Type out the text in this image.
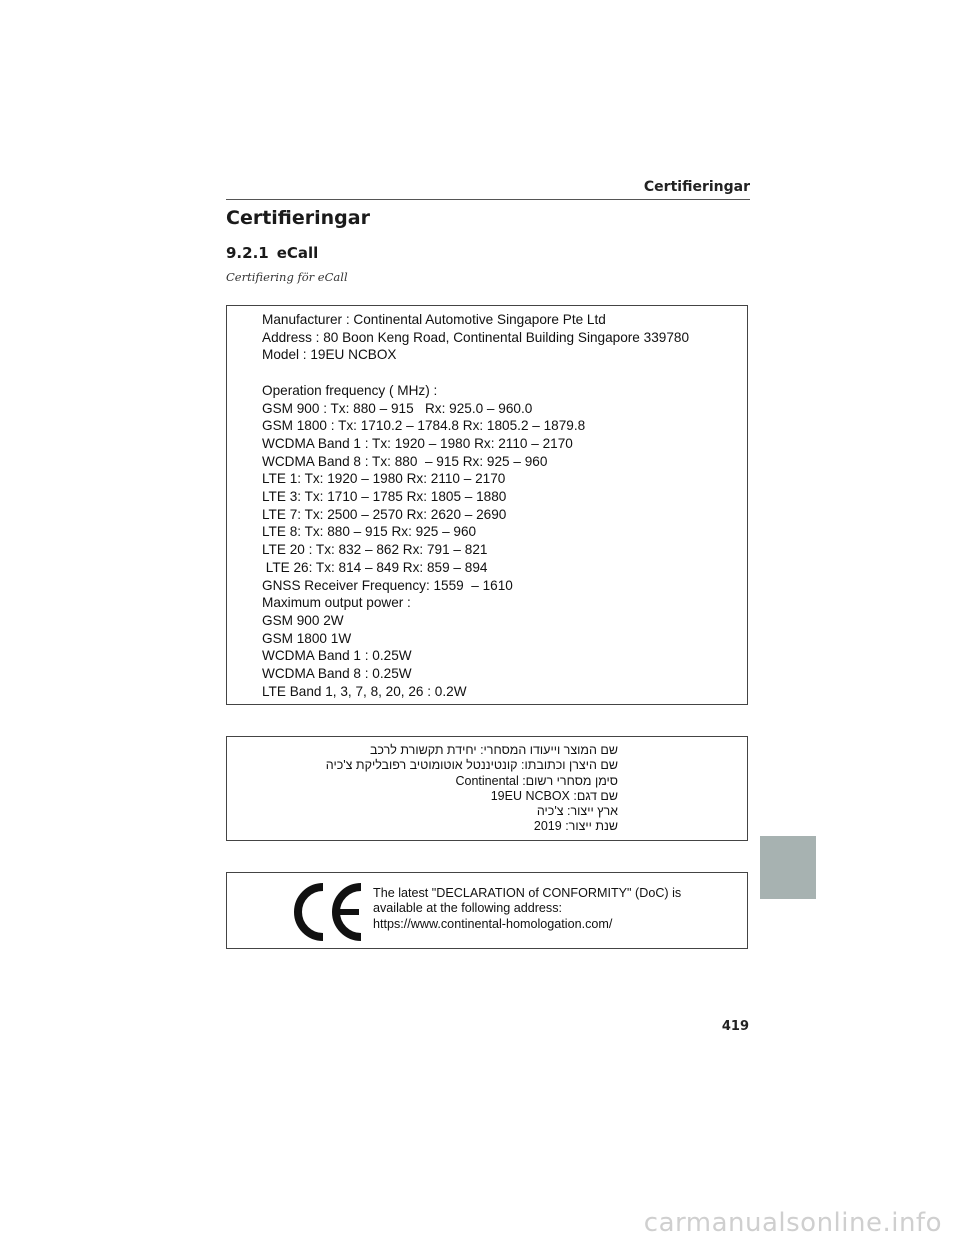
Certifieringar
Certifieringar
9.2.1 eCall
Certifiering för eCall
Manufacturer : Continental Automotive Singapore Pte Ltd
Address : 80 Boon Keng Road, Continental Building Singapore 339780
Model : 19EU NCBOX
Operation frequency ( MHz) :
GSM 900 : Tx: 880 – 915   Rx: 925.0 – 960.0
GSM 1800 : Tx: 1710.2 – 1784.8 Rx: 1805.2 – 1879.8
WCDMA Band 1 : Tx: 1920 – 1980 Rx: 2110 – 2170
WCDMA Band 8 : Tx: 880  – 915 Rx: 925 – 960
LTE 1: Tx: 1920 – 1980 Rx: 2110 – 2170
LTE 3: Tx: 1710 – 1785 Rx: 1805 – 1880
LTE 7: Tx: 2500 – 2570 Rx: 2620 – 2690
LTE 8: Tx: 880 – 915 Rx: 925 – 960
LTE 20 : Tx: 832 – 862 Rx: 791 – 821
LTE 26: Tx: 814 – 849 Rx: 859 – 894
GNSS Receiver Frequency: 1559  – 1610
Maximum output power :
GSM 900 2W
GSM 1800 1W
WCDMA Band 1 : 0.25W
WCDMA Band 8 : 0.25W
LTE Band 1, 3, 7, 8, 20, 26 : 0.2W
שם המוצר וייעודו המסחרי: יחידת תקשורת לרכב
שם היצרן וכתובתו: קונטיננטל אוטומוטיב רפובליקת צ'כיה
סימן מסחרי רשום: Continental
שם דגם: 19EU NCBOX
ארץ ייצור: צ'כיה
שנת ייצור: 2019
The latest "DECLARATION of CONFORMITY" (DoC) is
available at the following address:
https://www.continental-homologation.com/
419
carmanualsonline.info
